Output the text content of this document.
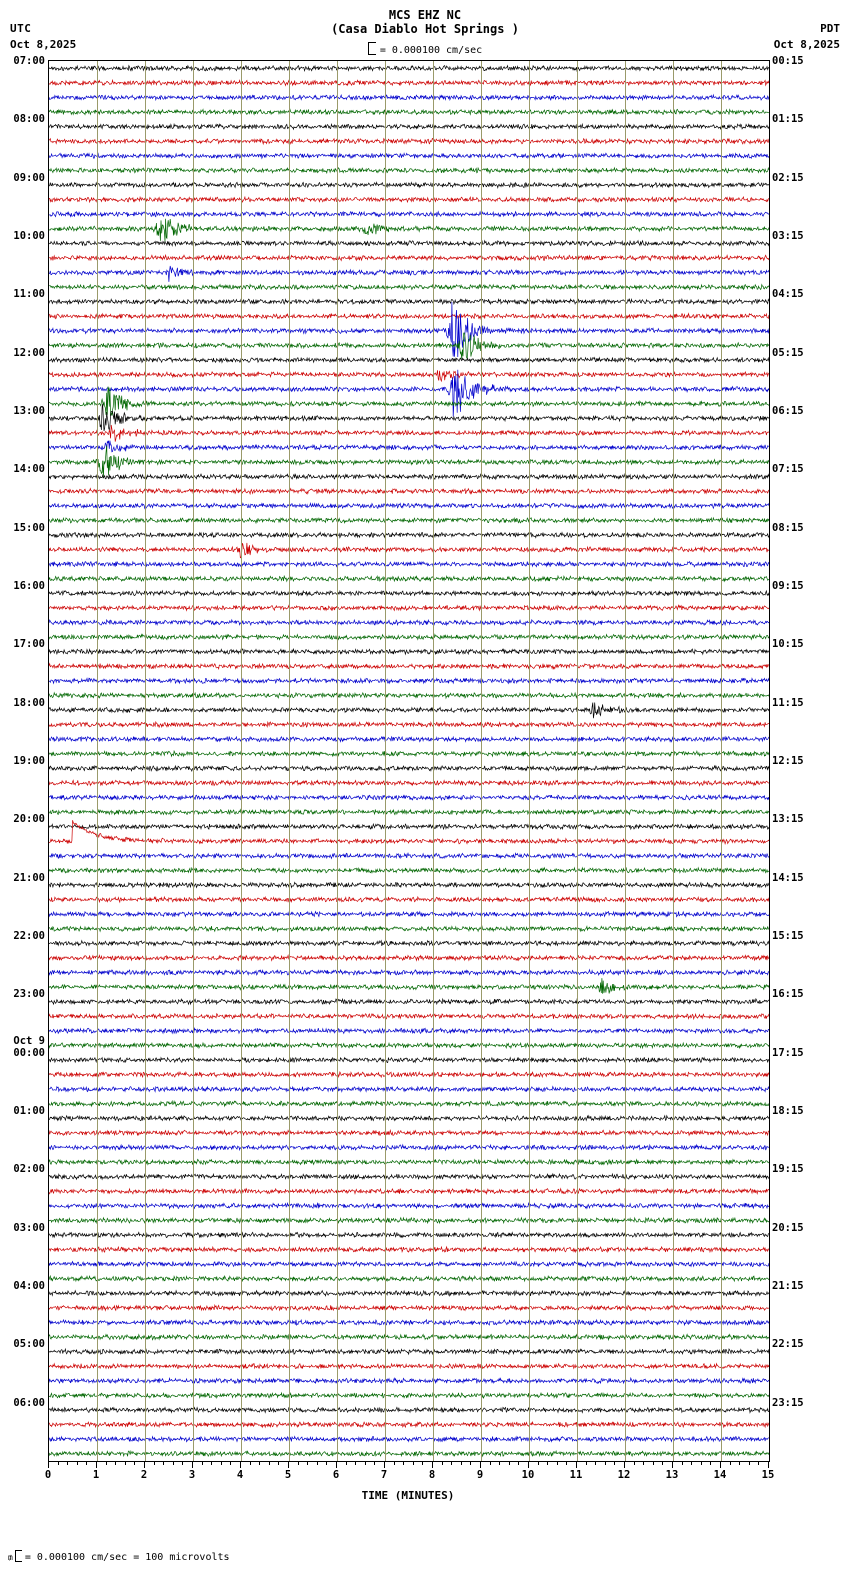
UTC
Oct 8,2025
PDT
Oct 8,2025
MCS EHZ NC
(Casa Diablo Hot Springs )
= 0.000100 cm/sec
07:00
08:00
09:00
10:00
11:00
12:00
13:00
14:00
15:00
16:00
17:00
18:00
19:00
20:00
21:00
22:00
23:00
00:00
Oct 9
01:00
02:00
03:00
04:00
05:00
06:00
00:15
01:15
02:15
03:15
04:15
05:15
06:15
07:15
08:15
09:15
10:15
11:15
12:15
13:15
14:15
15:15
16:15
17:15
18:15
19:15
20:15
21:15
22:15
23:15
0	1	2	3	4	5	6	7	8	9	10	11	12	13	14	15
TIME (MINUTES)
₥ = 0.000100 cm/sec = 100 microvolts
